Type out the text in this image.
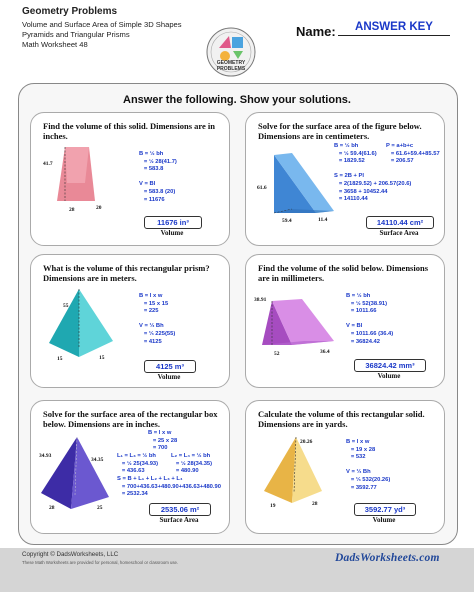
Geometry Problems
Volume and Surface Area of Simple 3D Shapes
Pyramids and Triangular Prisms
Math Worksheet 48
GEOMETRY
PROBLEMS
Name:	ANSWER KEY
Answer the following. Show your solutions.
Find the volume of this solid. Dimensions are in inches.
41.7
28	20
B = ½ bh
= ½ 28(41.7)
= 583.8

V = Bl
= 583.8 (20)
= 11676
11676 in³
Volume
Solve for the surface area of the figure below. Dimensions are in centimeters.
61.6
59.4	11.4
B = ½ bh
= ½ 59.4(61.6)
= 1829.52

S = 2B + Pl
= 2(1829.52) + 206.57(20.6)
= 3658 + 10452.44
= 14110.44
P = a+b+c
= 61.6+59.4+85.57
= 206.57
14110.44 cm²
Surface Area
What is the volume of this rectangular prism? Dimensions are in meters.
55
15	15
B = l x w
= 15 x 15
= 225

V = ⅓ Bh
= ⅓ 225(55)
= 4125
4125 m³
Volume
Find the volume of the solid below. Dimensions are in millimeters.
38.91
52	36.4
B = ½ bh
= ½ 52(38.91)
= 1011.66

V = Bl
= 1011.66 (36.4)
= 36824.42
36824.42 mm³
Volume
Solve for the surface area of the rectangular box below. Dimensions are in inches.
34.93
34.35
28	25
B = l x w
= 25 x 28
= 700
L₁ = L₃ = ½ bh
= ½ 25(34.93)
= 436.63
L₂ = L₄ = ½ bh
= ½ 28(34.35)
= 480.90
S = B + L₁ + L₂ + L₃ + L₄
= 700+436.63+480.90+436.63+480.90
= 2532.34
2535.06 m²
Surface Area
Calculate the volume of this rectangular solid. Dimensions are in yards.
20.26
19	28
B = l x w
= 19 x 28
= 532

V = ⅓ Bh
= ⅓ 532(20.26)
= 3592.77
3592.77 yd³
Volume
Copyright © DadsWorksheets, LLC
These Math Worksheets are provided for personal, homeschool or classroom use.	DadsWorksheets.com
